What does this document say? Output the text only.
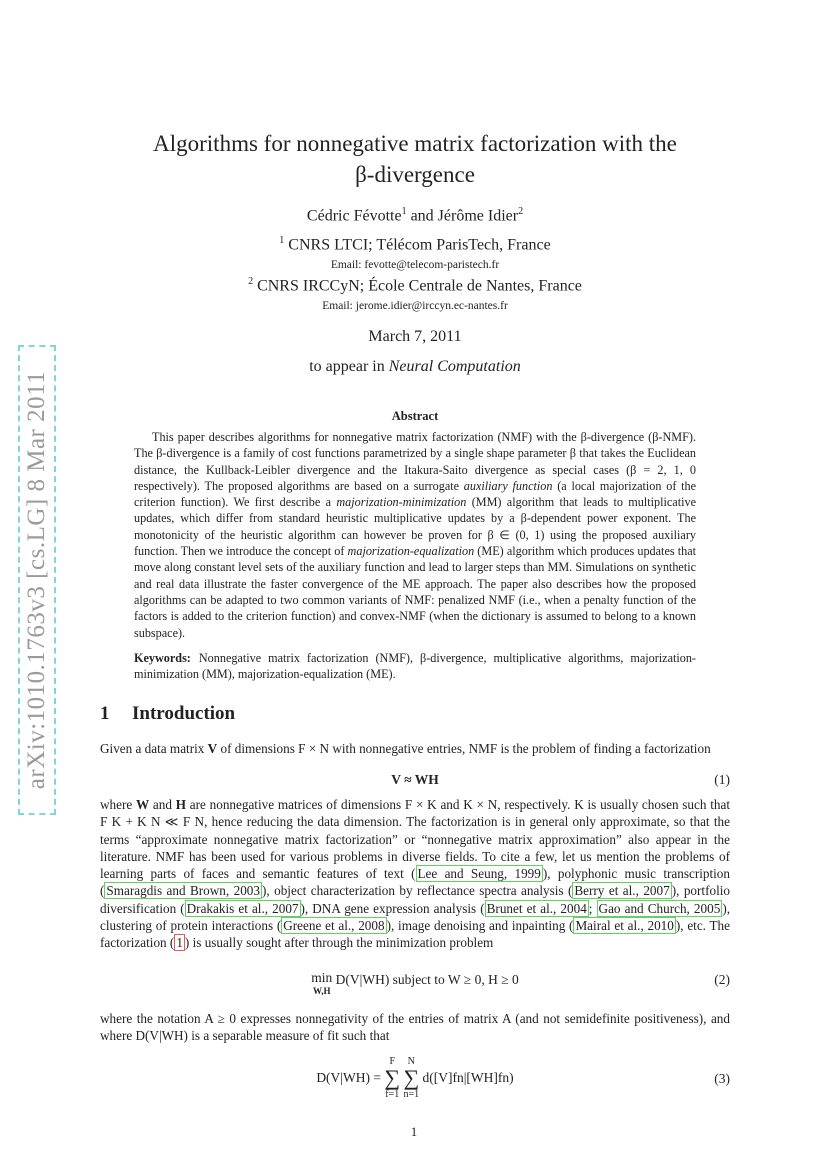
arXiv:1010.1763v3 [cs.LG] 8 Mar 2011
Algorithms for nonnegative matrix factorization with the
β-divergence
Cédric Févotte$^1$ and Jérôme Idier$^2$
$^1$ CNRS LTCI; Télécom ParisTech, France
Email: fevotte@telecom-paristech.fr
$^2$ CNRS IRCCyN; École Centrale de Nantes, France
Email: jerome.idier@irccyn.ec-nantes.fr
March 7, 2011
to appear in Neural Computation
Abstract
This paper describes algorithms for nonnegative matrix factorization (NMF) with the β-divergence (β-NMF). The β-divergence is a family of cost functions parametrized by a single shape parameter β that takes the Euclidean distance, the Kullback-Leibler divergence and the Itakura-Saito divergence as special cases (β = 2, 1, 0 respectively). The proposed algorithms are based on a surrogate auxiliary function (a local majorization of the criterion function). We first describe a majorization-minimization (MM) algorithm that leads to multiplicative updates, which differ from standard heuristic multiplicative updates by a β-dependent power exponent. The monotonicity of the heuristic algorithm can however be proven for β ∈ (0, 1) using the proposed auxiliary function. Then we introduce the concept of majorization-equalization (ME) algorithm which produces updates that move along constant level sets of the auxiliary function and lead to larger steps than MM. Simulations on synthetic and real data illustrate the faster convergence of the ME approach. The paper also describes how the proposed algorithms can be adapted to two common variants of NMF: penalized NMF (i.e., when a penalty function of the factors is added to the criterion function) and convex-NMF (when the dictionary is assumed to belong to a known subspace).
Keywords: Nonnegative matrix factorization (NMF), β-divergence, multiplicative algorithms, majorization-minimization (MM), majorization-equalization (ME).
1 Introduction
Given a data matrix V of dimensions F × N with nonnegative entries, NMF is the problem of finding a factorization
V ≈ WH	(1)
where W and H are nonnegative matrices of dimensions F × K and K × N, respectively. K is usually chosen such that F K + K N ≪ F N, hence reducing the data dimension. The factorization is in general only approximate, so that the terms “approximate nonnegative matrix factorization” or “nonnegative matrix approximation” also appear in the literature. NMF has been used for various problems in diverse fields. To cite a few, let us mention the problems of learning parts of faces and semantic features of text ( Lee and Seung, 1999 ), polyphonic music transcription ( Smaragdis and Brown, 2003 ), object characterization by reflectance spectra analysis ( Berry et al., 2007 ), portfolio diversification ( Drakakis et al., 2007 ), DNA gene expression analysis ( Brunet et al., 2004 ; Gao and Church, 2005 ), clustering of protein interactions ( Greene et al., 2008 ), image denoising and inpainting ( Mairal et al., 2010 ), etc. The factorization ( 1 ) is usually sought after through the minimization problem
min
W,H D(V|WH) subject to W ≥ 0, H ≥ 0	(2)
where the notation A ≥ 0 expresses nonnegativity of the entries of matrix A (and not semidefinite positiveness), and where D(V|WH) is a separable measure of fit such that
D(V|WH) = F
∑
f=1 N
∑
n=1 d([V]fn|[WH]fn)	(3)
1
